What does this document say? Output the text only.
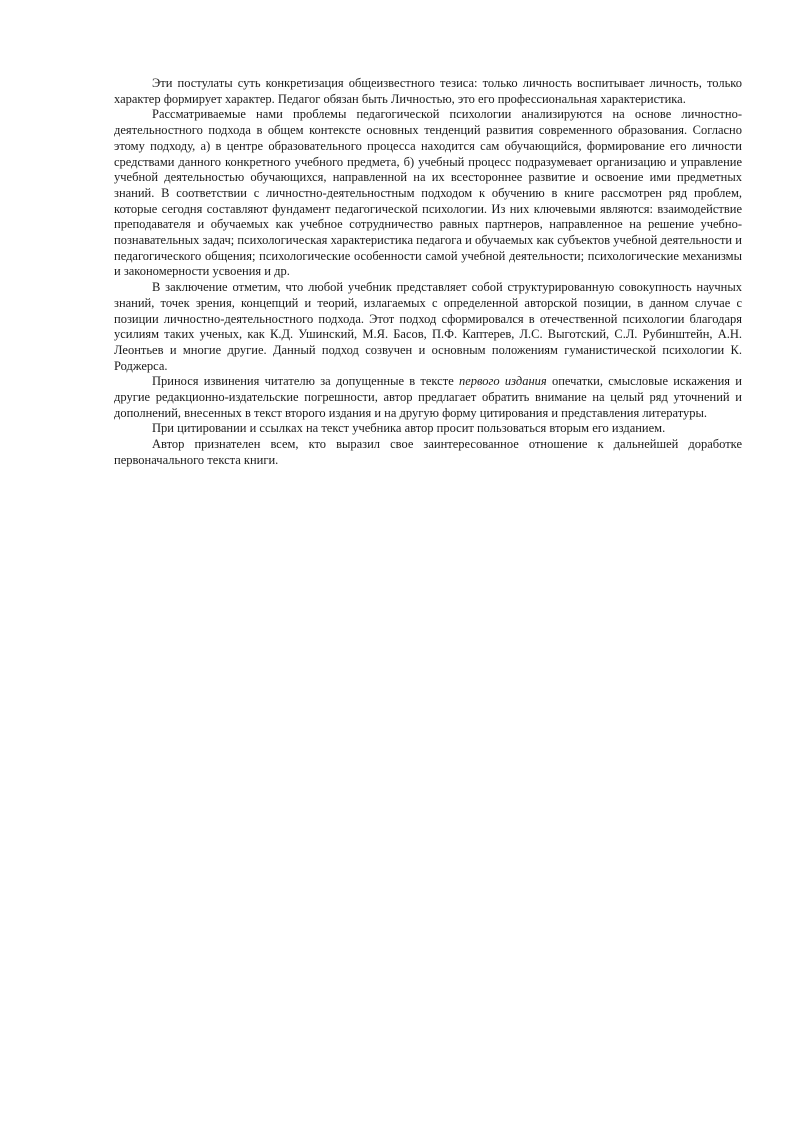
Эти постулаты суть конкретизация общеизвестного тезиса: только личность воспитывает личность, только характер формирует характер. Педагог обязан быть Личностью, это его профессиональная характеристика.

Рассматриваемые нами проблемы педагогической психологии анализируются на основе личностно-деятельностного подхода в общем контексте основных тенденций развития современного образования. Согласно этому подходу, а) в центре образовательного процесса находится сам обучающийся, формирование его личности средствами данного конкретного учебного предмета, б) учебный процесс подразумевает организацию и управление учебной деятельностью обучающихся, направленной на их всестороннее развитие и освоение ими предметных знаний. В соответствии с личностно-деятельностным подходом к обучению в книге рассмотрен ряд проблем, которые сегодня составляют фундамент педагогической психологии. Из них ключевыми являются: взаимодействие преподавателя и обучаемых как учебное сотрудничество равных партнеров, направленное на решение учебно-познавательных задач; психологическая характеристика педагога и обучаемых как субъектов учебной деятельности и педагогического общения; психологические особенности самой учебной деятельности; психологические механизмы и закономерности усвоения и др.

В заключение отметим, что любой учебник представляет собой структурированную совокупность научных знаний, точек зрения, концепций и теорий, излагаемых с определенной авторской позиции, в данном случае с позиции личностно-деятельностного подхода. Этот подход сформировался в отечественной психологии благодаря усилиям таких ученых, как К.Д. Ушинский, М.Я. Басов, П.Ф. Каптерев, Л.С. Выготский, С.Л. Рубинштейн, А.Н. Леонтьев и многие другие. Данный подход созвучен и основным положениям гуманистической психологии К. Роджерса.

Принося извинения читателю за допущенные в тексте первого издания опечатки, смысловые искажения и другие редакционно-издательские погрешности, автор предлагает обратить внимание на целый ряд уточнений и дополнений, внесенных в текст второго издания и на другую форму цитирования и представления литературы.

При цитировании и ссылках на текст учебника автор просит пользоваться вторым его изданием.

Автор признателен всем, кто выразил свое заинтересованное отношение к дальнейшей доработке первоначального текста книги.
